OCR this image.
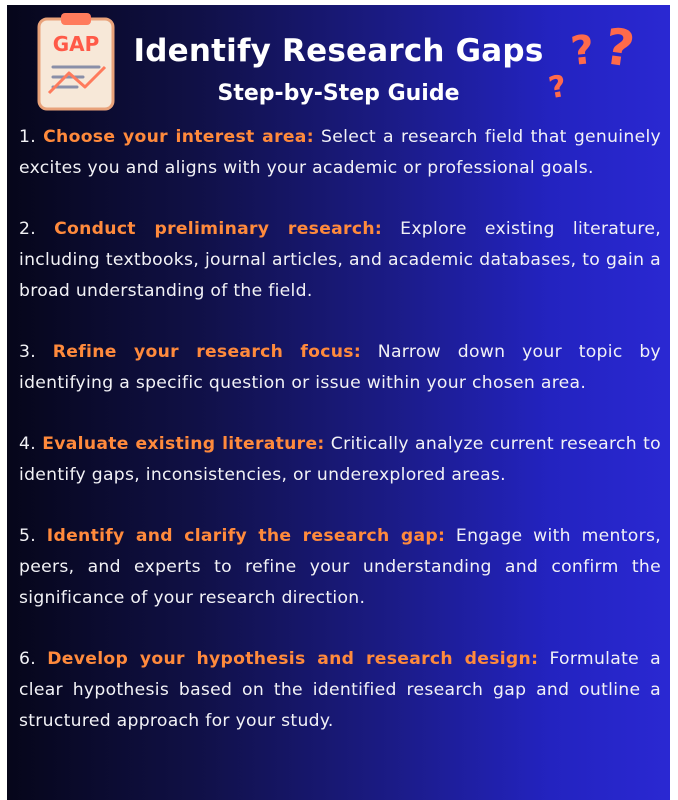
GAP	Identify Research Gaps
Step-by-Step Guide
? ?
?

1. Choose your interest area: Select a research field that genuinely excites you and aligns with your academic or professional goals.

2. Conduct preliminary research: Explore existing literature, including textbooks, journal articles, and academic databases, to gain a broad understanding of the field.

3. Refine your research focus: Narrow down your topic by identifying a specific question or issue within your chosen area.

4. Evaluate existing literature: Critically analyze current research to identify gaps, inconsistencies, or underexplored areas.

5. Identify and clarify the research gap: Engage with mentors, peers, and experts to refine your understanding and confirm the significance of your research direction.

6. Develop your hypothesis and research design: Formulate a clear hypothesis based on the identified research gap and outline a structured approach for your study.
